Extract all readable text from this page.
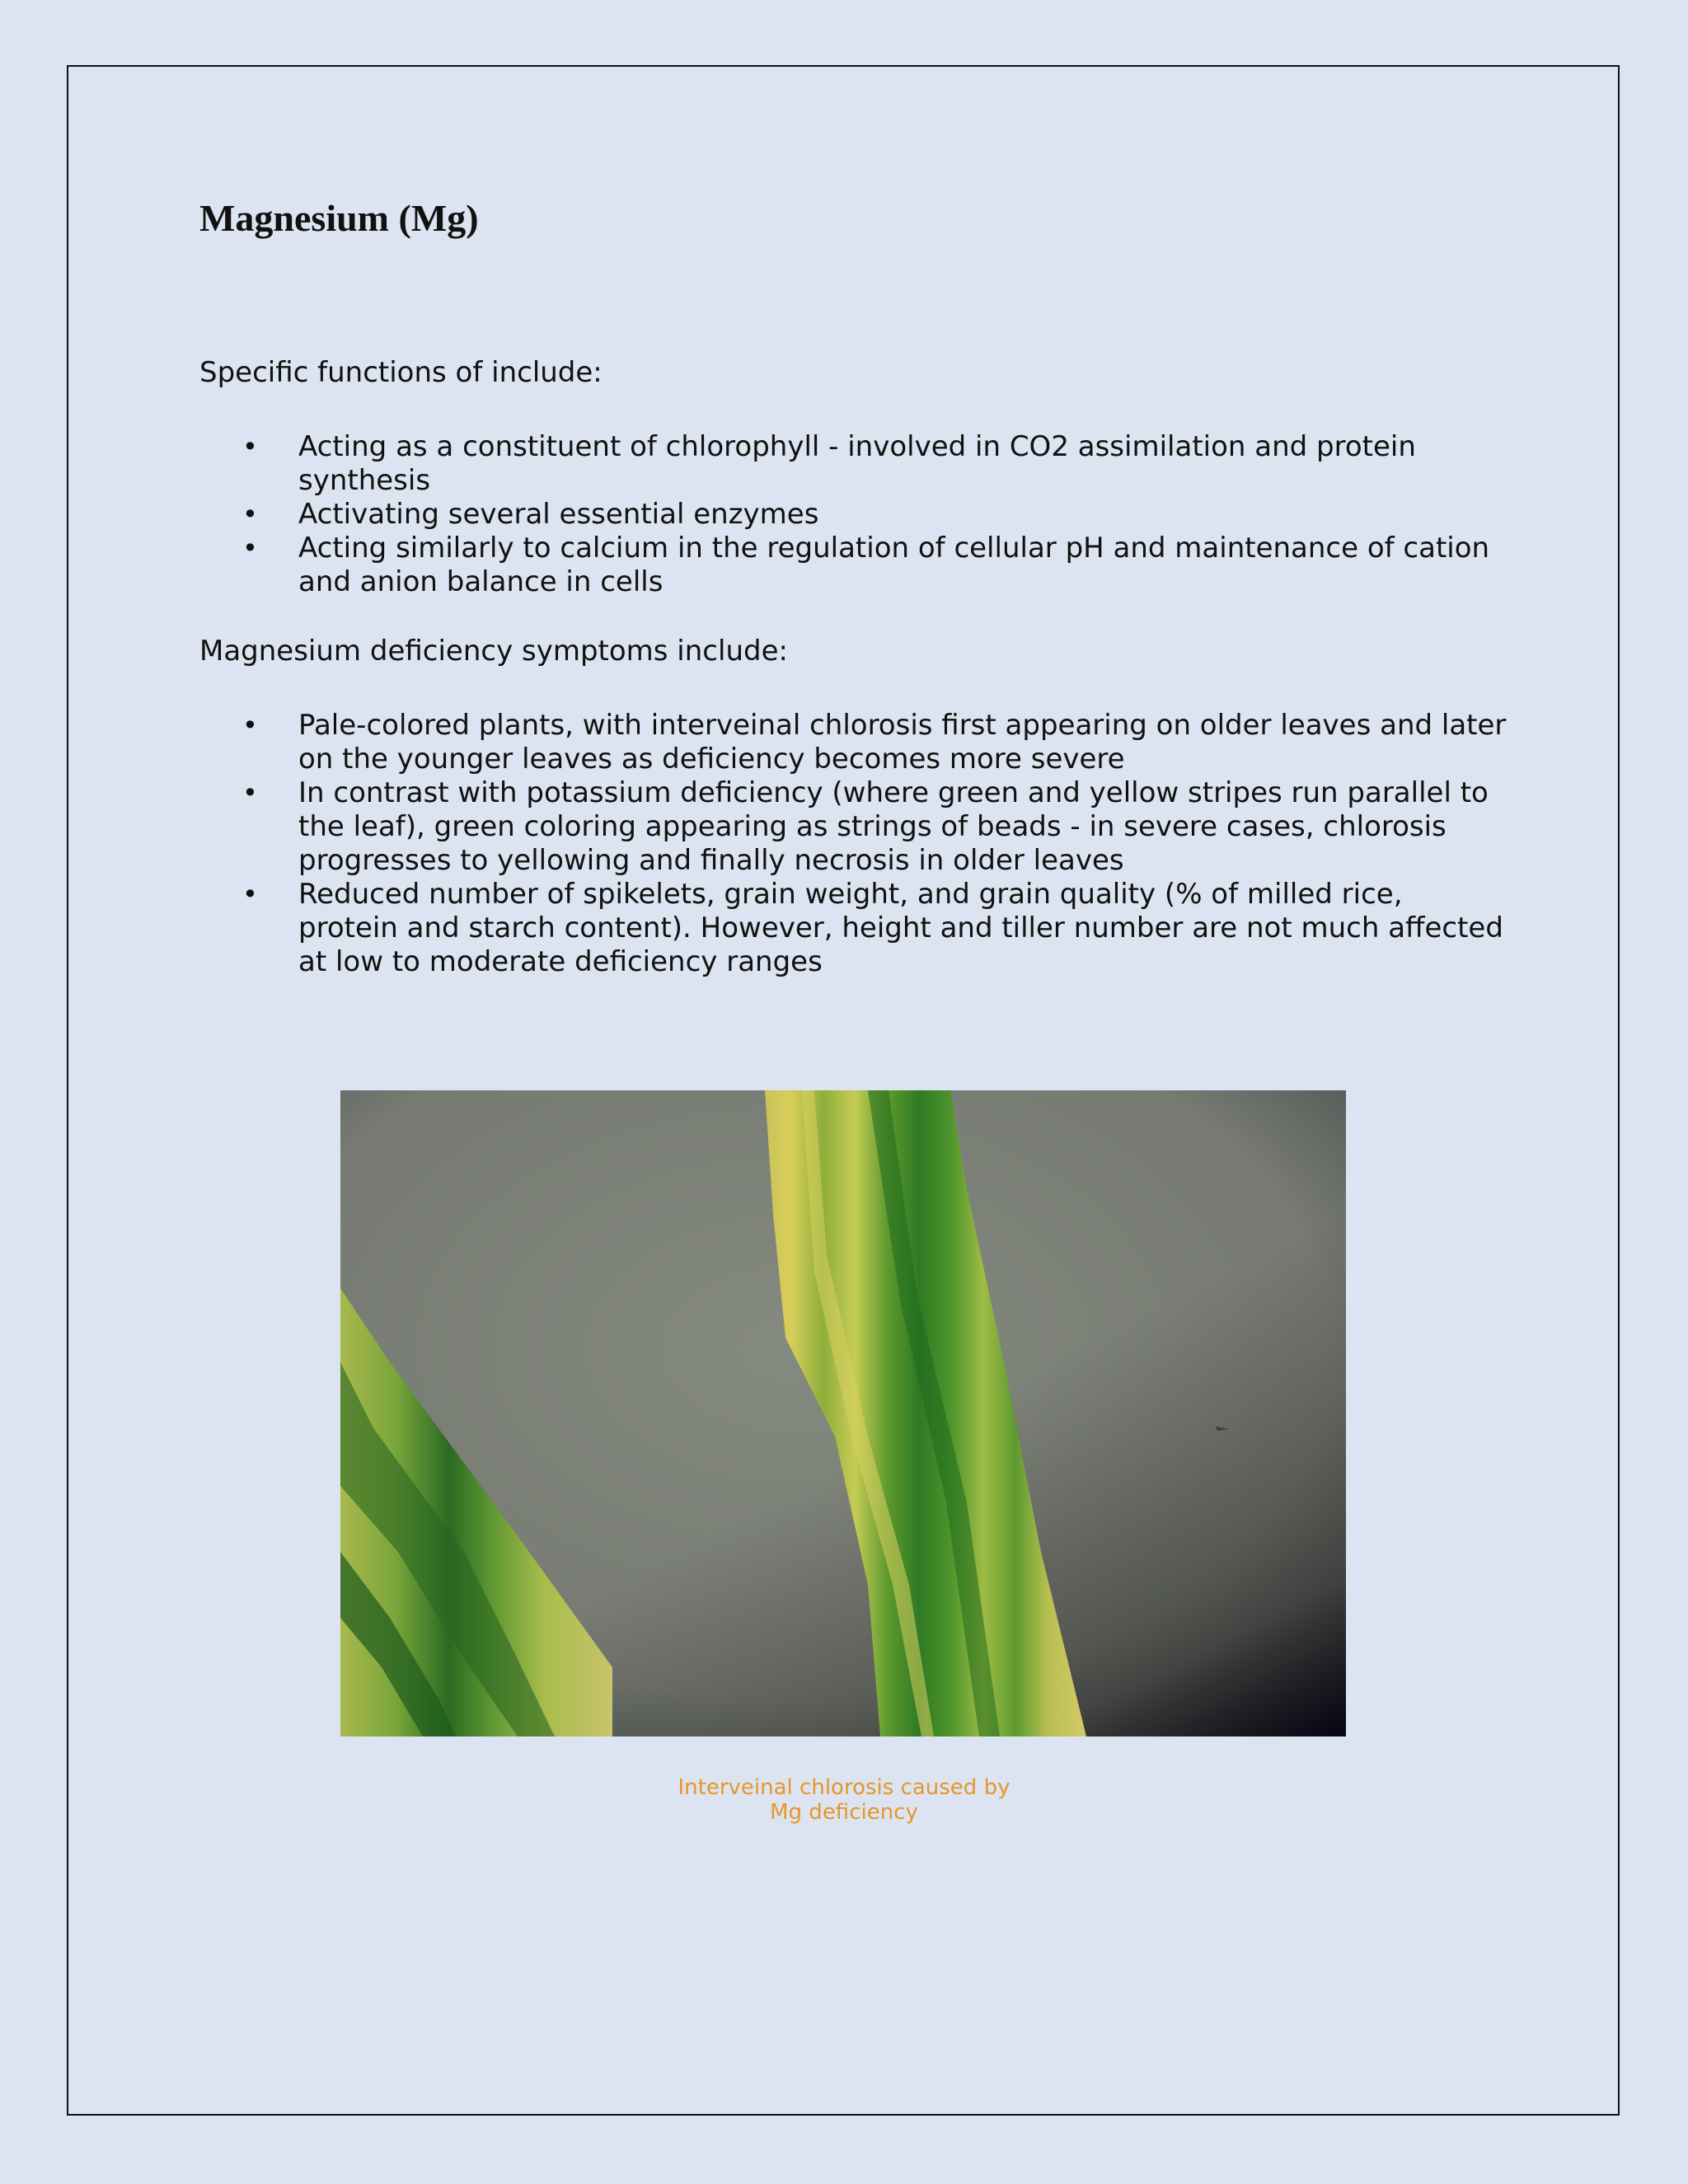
Magnesium (Mg)

Specific functions of include:

• Acting as a constituent of chlorophyll - involved in CO2 assimilation and protein synthesis
• Activating several essential enzymes
• Acting similarly to calcium in the regulation of cellular pH and maintenance of cation and anion balance in cells

Magnesium deficiency symptoms include:

• Pale-colored plants, with interveinal chlorosis first appearing on older leaves and later on the younger leaves as deficiency becomes more severe
• In contrast with potassium deficiency (where green and yellow stripes run parallel to the leaf), green coloring appearing as strings of beads - in severe cases, chlorosis progresses to yellowing and finally necrosis in older leaves
• Reduced number of spikelets, grain weight, and grain quality (% of milled rice, protein and starch content). However, height and tiller number are not much affected at low to moderate deficiency ranges
Interveinal chlorosis caused by
Mg deficiency
